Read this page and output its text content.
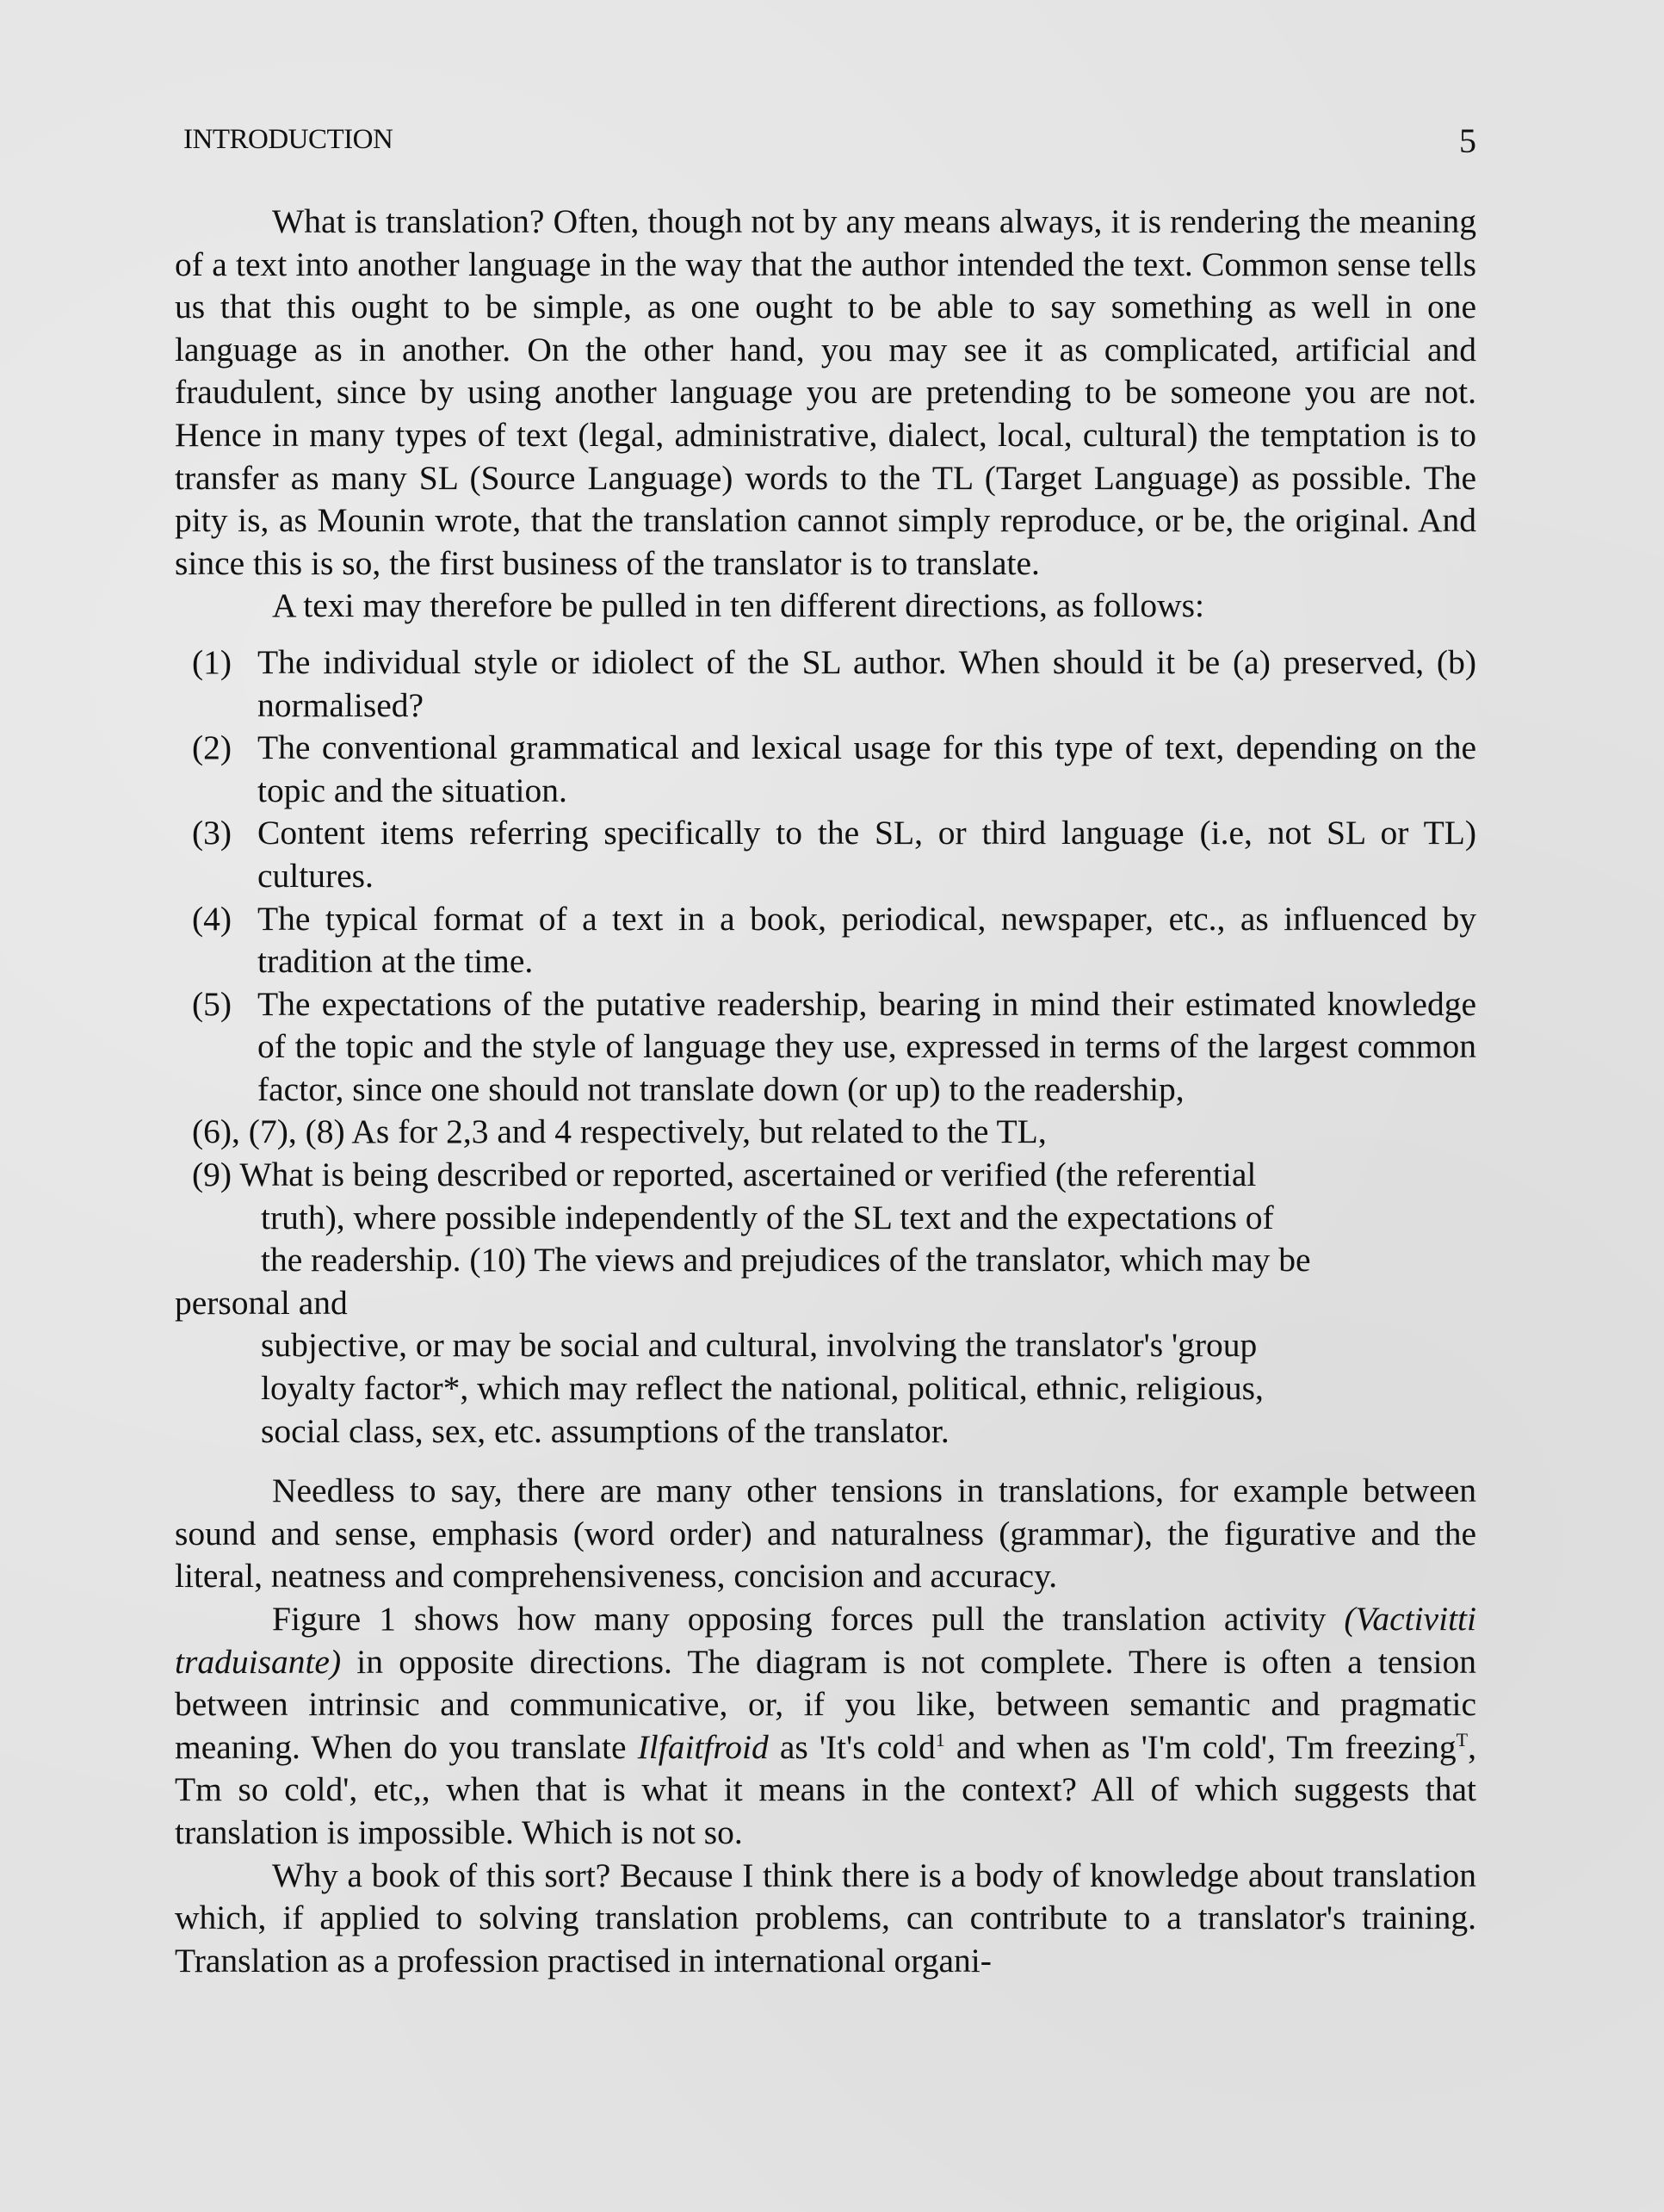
INTRODUCTION	5

What is translation? Often, though not by any means always, it is rendering the meaning of a text into another language in the way that the author intended the text. Common sense tells us that this ought to be simple, as one ought to be able to say something as well in one language as in another. On the other hand, you may see it as complicated, artificial and fraudulent, since by using another language you are pretending to be someone you are not. Hence in many types of text (legal, administrative, dialect, local, cultural) the temptation is to transfer as many SL (Source Language) words to the TL (Target Language) as possible. The pity is, as Mounin wrote, that the translation cannot simply reproduce, or be, the original. And since this is so, the first business of the translator is to translate.

A texi may therefore be pulled in ten different directions, as follows:

(1) The individual style or idiolect of the SL author. When should it be (a) preserved, (b) normalised?
(2) The conventional grammatical and lexical usage for this type of text, depending on the topic and the situation.
(3) Content items referring specifically to the SL, or third language (i.e, not SL or TL) cultures.
(4) The typical format of a text in a book, periodical, newspaper, etc., as influenced by tradition at the time.
(5) The expectations of the putative readership, bearing in mind their estimated knowledge of the topic and the style of language they use, expressed in terms of the largest common factor, since one should not translate down (or up) to the readership,

(6), (7), (8) As for 2,3 and 4 respectively, but related to the TL,

(9) What is being described or reported, ascertained or verified (the referential

truth), where possible independently of the SL text and the expectations of

the readership. (10) The views and prejudices of the translator, which may be

personal and

subjective, or may be social and cultural, involving the translator's 'group

loyalty factor*, which may reflect the national, political, ethnic, religious,

social class, sex, etc. assumptions of the translator.

Needless to say, there are many other tensions in translations, for example between sound and sense, emphasis (word order) and naturalness (grammar), the figurative and the literal, neatness and comprehensiveness, concision and accuracy.

Figure 1 shows how many opposing forces pull the translation activity (Vactivitti traduisante) in opposite directions. The diagram is not complete. There is often a tension between intrinsic and communicative, or, if you like, between semantic and pragmatic meaning. When do you translate Ilfaitfroid as 'It's cold$^1$ and when as 'I'm cold', Tm freezing$^T$, Tm so cold', etc,, when that is what it means in the context? All of which suggests that translation is impossible. Which is not so.

Why a book of this sort? Because I think there is a body of knowledge about translation which, if applied to solving translation problems, can contribute to a translator's training. Translation as a profession practised in international organi-
